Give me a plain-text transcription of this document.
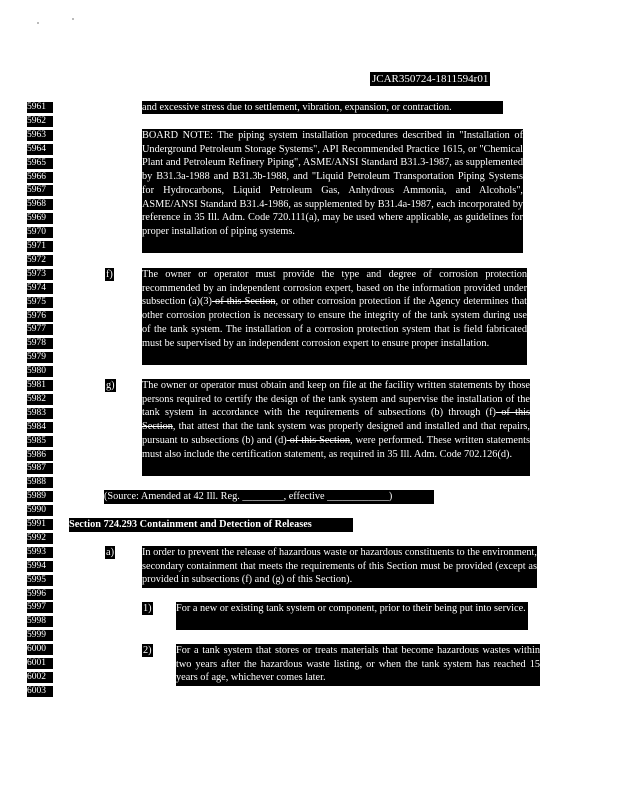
JCAR350724-1811594r01
5961
5962
5963
5964
5965
5966
5967
5968
5969
5970
5971
5972
5973
5974
5975
5976
5977
5978
5979
5980
5981
5982
5983
5984
5985
5986
5987
5988
5989
5990
5991
5992
5993
5994
5995
5996
5997
5998
5999
6000
6001
6002
6003
and excessive stress due to settlement, vibration, expansion, or contraction.
BOARD NOTE: The piping system installation procedures described in "Installation of Underground Petroleum Storage Systems", API Recommended Practice 1615, or "Chemical Plant and Petroleum Refinery Piping", ASME/ANSI Standard B31.3-1987, as supplemented by B31.3a-1988 and B31.3b-1988, and "Liquid Petroleum Transportation Piping Systems for Hydrocarbons, Liquid Petroleum Gas, Anhydrous Ammonia, and Alcohols", ASME/ANSI Standard B31.4-1986, as supplemented by B31.4a-1987, each incorporated by reference in 35 Ill. Adm. Code 720.111(a), may be used where applicable, as guidelines for proper installation of piping systems.
f)	The owner or operator must provide the type and degree of corrosion protection recommended by an independent corrosion expert, based on the information provided under subsection (a)(3) of this Section, or other corrosion protection if the Agency determines that other corrosion protection is necessary to ensure the integrity of the tank system during use of the tank system. The installation of a corrosion protection system that is field fabricated must be supervised by an independent corrosion expert to ensure proper installation.
g)	The owner or operator must obtain and keep on file at the facility written statements by those persons required to certify the design of the tank system and supervise the installation of the tank system in accordance with the requirements of subsections (b) through (f) of this Section, that attest that the tank system was properly designed and installed and that repairs, pursuant to subsections (b) and (d) of this Section, were performed. These written statements must also include the certification statement, as required in 35 Ill. Adm. Code 702.126(d).
(Source: Amended at 42 Ill. Reg. ________, effective ____________)
Section 724.293 Containment and Detection of Releases
a)	In order to prevent the release of hazardous waste or hazardous constituents to the environment, secondary containment that meets the requirements of this Section must be provided (except as provided in subsections (f) and (g) of this Section).
1) For a new or existing tank system or component, prior to their being put into service.
2) For a tank system that stores or treats materials that become hazardous wastes within two years after the hazardous waste listing, or when the tank system has reached 15 years of age, whichever comes later.
